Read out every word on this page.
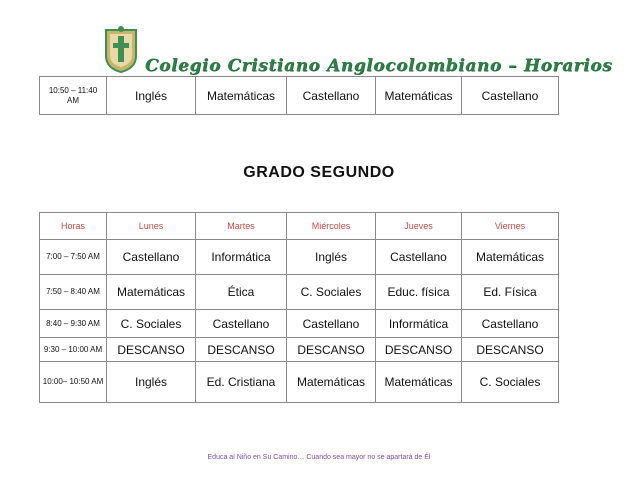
Colegio Cristiano Anglocolombiano – Horarios
10:50 – 11:40 AM	Inglés	Matemáticas	Castellano	Matemáticas	Castellano
GRADO SEGUNDO
Horas	Lunes	Martes	Miércoles	Jueves	Viernes
7:00 – 7:50 AM	Castellano	Informática	Inglés	Castellano	Matemáticas
7:50 – 8:40 AM	Matemáticas	Ética	C. Sociales	Educ. física	Ed. Física
8:40 – 9:30 AM	C. Sociales	Castellano	Castellano	Informática	Castellano
9:30 – 10:00 AM	DESCANSO	DESCANSO	DESCANSO	DESCANSO	DESCANSO
10:00– 10:50 AM	Inglés	Ed. Cristiana	Matemáticas	Matemáticas	C. Sociales
Educa al Niño en Su Camino… Cuando sea mayor no se apartará de Él
